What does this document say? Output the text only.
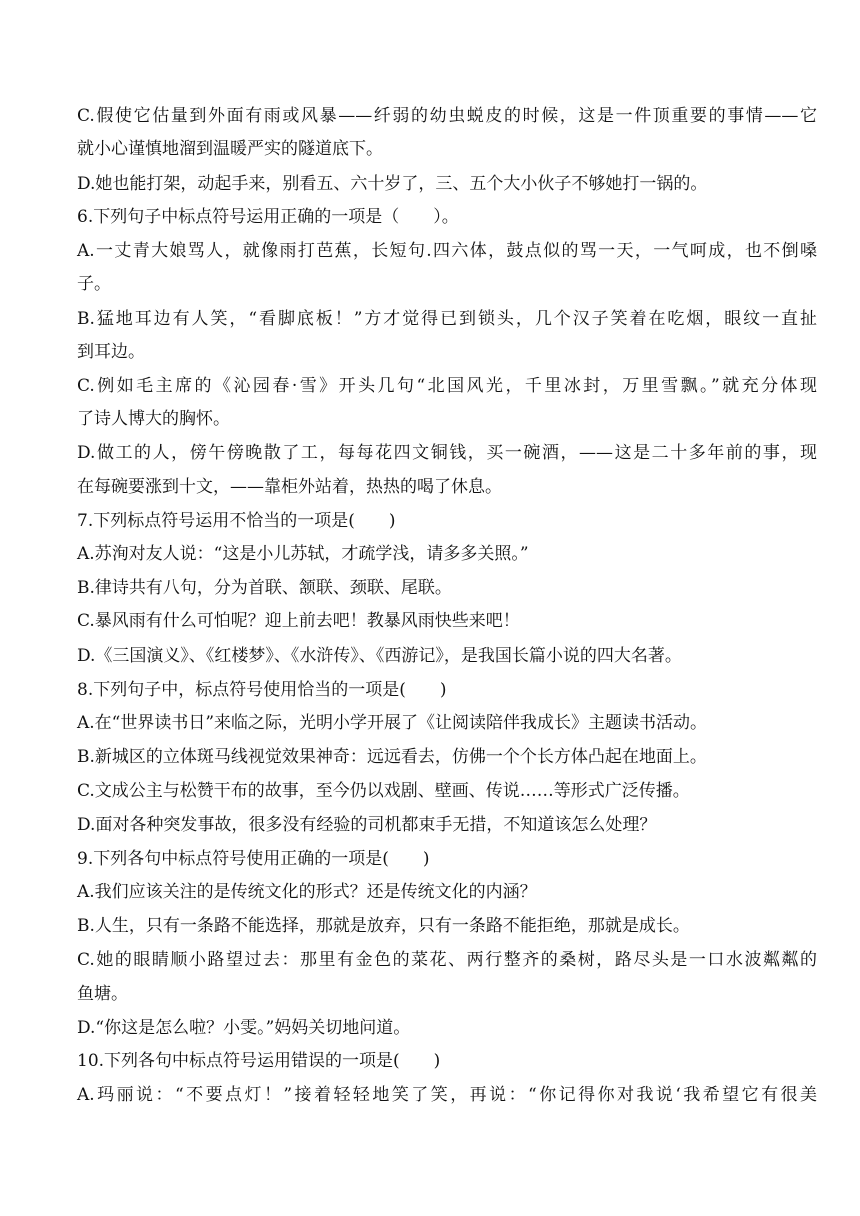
C.假使它估量到外面有雨或风暴——纤弱的幼虫蜕皮的时候，这是一件顶重要的事情——它
就小心谨慎地溜到温暖严实的隧道底下。
D.她也能打架，动起手来，别看五、六十岁了，三、五个大小伙子不够她打一锅的。
6.下列句子中标点符号运用正确的一项是（　　）。
A.一丈青大娘骂人，就像雨打芭蕉，长短句.四六体，鼓点似的骂一天，一气呵成，也不倒嗓
子。
B.猛地耳边有人笑，“看脚底板！”方才觉得已到锁头，几个汉子笑着在吃烟，眼纹一直扯
到耳边。
C.例如毛主席的《沁园春·雪》开头几句“北国风光，千里冰封，万里雪飘。”就充分体现
了诗人博大的胸怀。
D.做工的人，傍午傍晚散了工，每每花四文铜钱，买一碗酒，——这是二十多年前的事，现
在每碗要涨到十文，——靠柜外站着，热热的喝了休息。
7.下列标点符号运用不恰当的一项是(　　)
A.苏洵对友人说：“这是小儿苏轼，才疏学浅，请多多关照。”
B.律诗共有八句，分为首联、颔联、颈联、尾联。
C.暴风雨有什么可怕呢？迎上前去吧！教暴风雨快些来吧！
D.《三国演义》、《红楼梦》、《水浒传》、《西游记》，是我国长篇小说的四大名著。
8.下列句子中，标点符号使用恰当的一项是(　　)
A.在“世界读书日”来临之际，光明小学开展了《让阅读陪伴我成长》主题读书活动。
B.新城区的立体斑马线视觉效果神奇：远远看去，仿佛一个个长方体凸起在地面上。
C.文成公主与松赞干布的故事，至今仍以戏剧、壁画、传说……等形式广泛传播。
D.面对各种突发事故，很多没有经验的司机都束手无措，不知道该怎么处理？
9.下列各句中标点符号使用正确的一项是(　　)
A.我们应该关注的是传统文化的形式？还是传统文化的内涵？
B.人生，只有一条路不能选择，那就是放弃，只有一条路不能拒绝，那就是成长。
C.她的眼睛顺小路望过去：那里有金色的菜花、两行整齐的桑树，路尽头是一口水波粼粼的
鱼塘。
D.“你这是怎么啦？小雯。”妈妈关切地问道。
10.下列各句中标点符号运用错误的一项是(　　)
A.玛丽说：“不要点灯！”接着轻轻地笑了笑，再说：“你记得你对我说‘我希望它有很美
